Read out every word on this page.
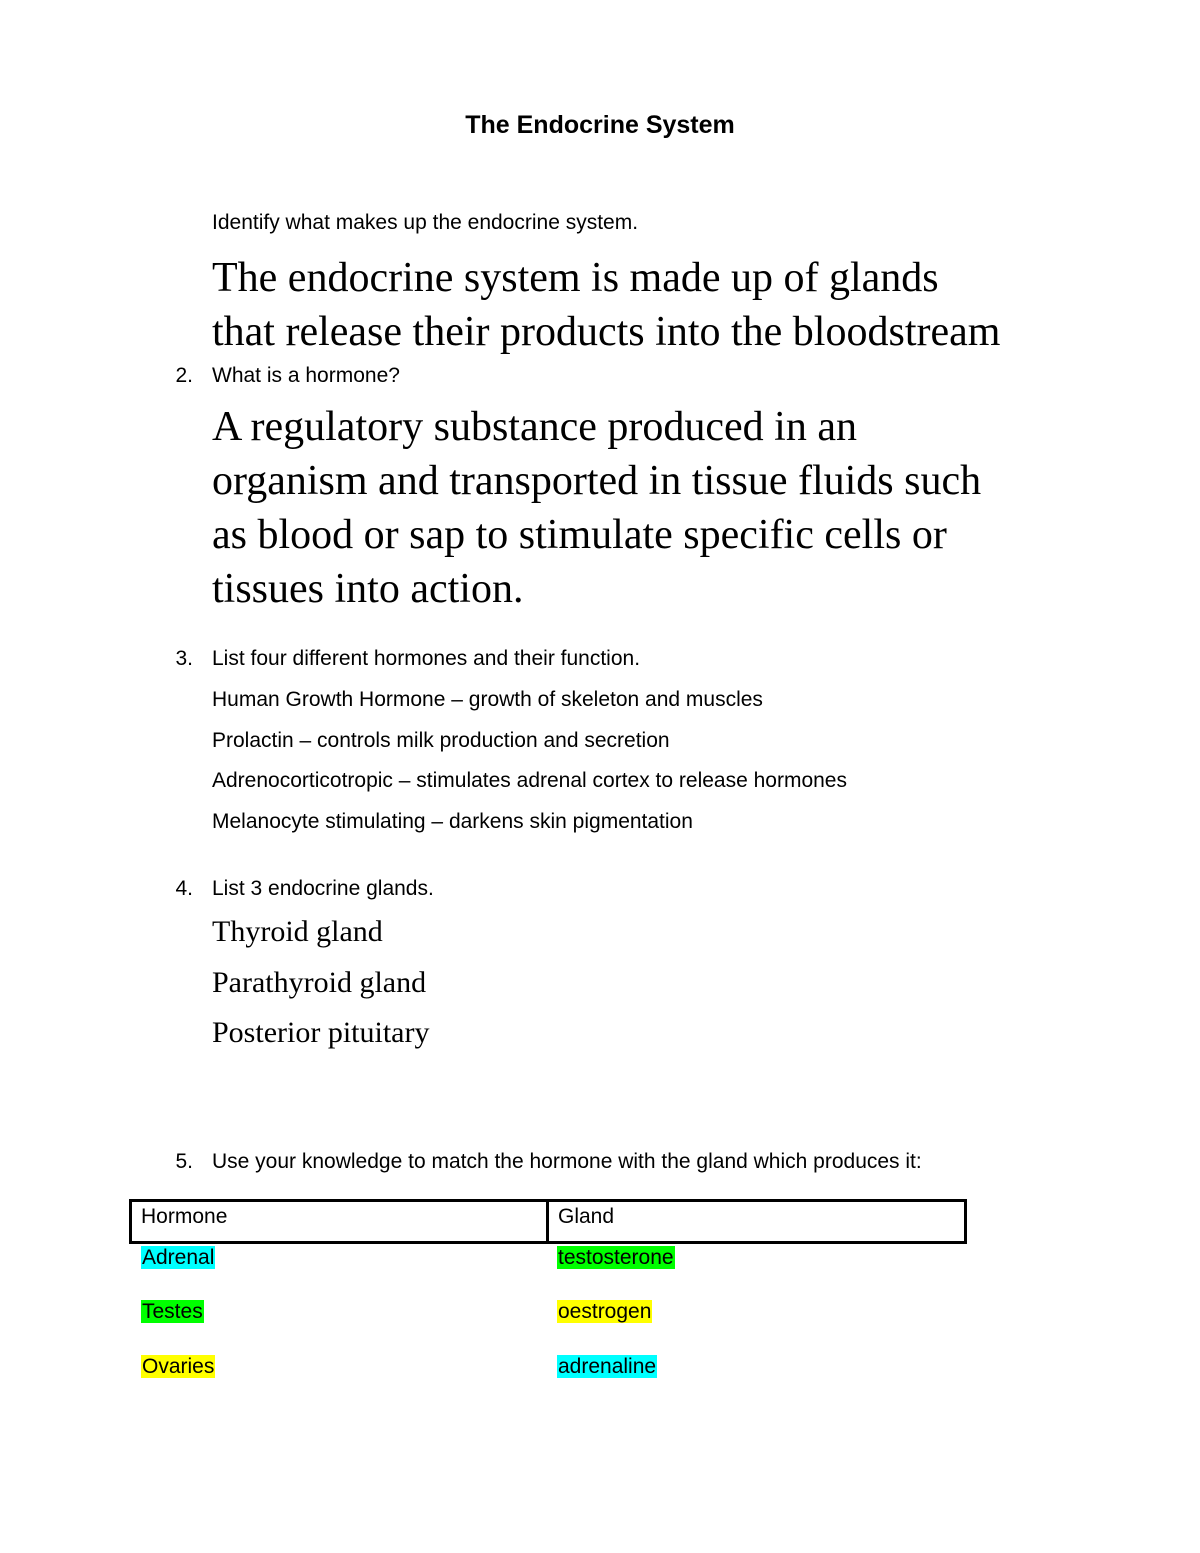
The Endocrine System
Identify what makes up the endocrine system.
The endocrine system is made up of glands
that release their products into the bloodstream
2. What is a hormone?
A regulatory substance produced in an
organism and transported in tissue fluids such
as blood or sap to stimulate specific cells or
tissues into action.
3. List four different hormones and their function.
Human Growth Hormone – growth of skeleton and muscles
Prolactin – controls milk production and secretion
Adrenocorticotropic – stimulates adrenal cortex to release hormones
Melanocyte stimulating – darkens skin pigmentation
4. List 3 endocrine glands.
Thyroid gland
Parathyroid gland
Posterior pituitary
5. Use your knowledge to match the hormone with the gland which produces it:
Hormone	Gland
Adrenal	testosterone
Testes	oestrogen
Ovaries	adrenaline
